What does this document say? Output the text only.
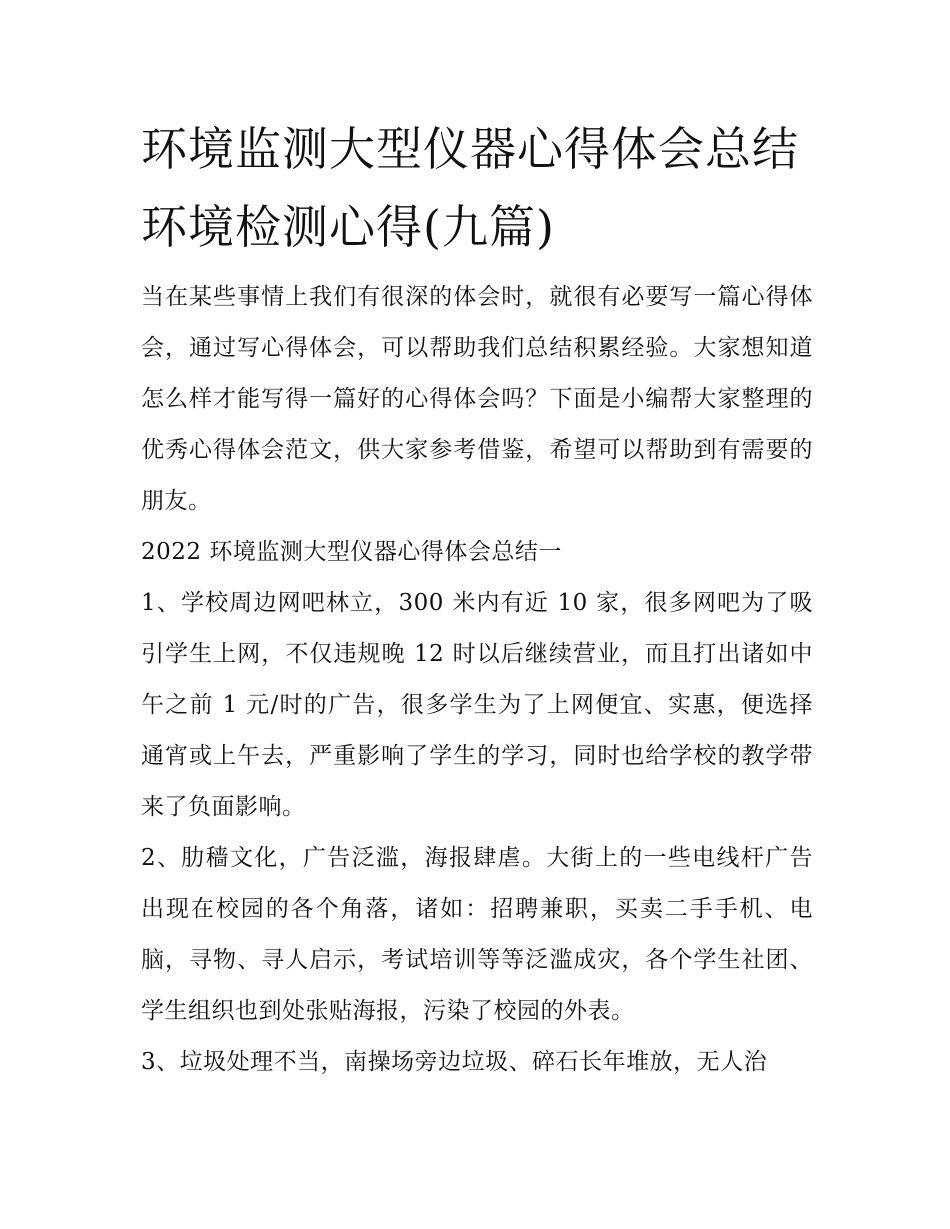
环境监测大型仪器心得体会总结 环境检测心得(九篇)

当在某些事情上我们有很深的体会时，就很有必要写一篇心得体会，通过写心得体会，可以帮助我们总结积累经验。大家想知道怎么样才能写得一篇好的心得体会吗？下面是小编帮大家整理的优秀心得体会范文，供大家参考借鉴，希望可以帮助到有需要的朋友。

2022 环境监测大型仪器心得体会总结一

1、学校周边网吧林立，300 米内有近 10 家，很多网吧为了吸引学生上网，不仅违规晚 12 时以后继续营业，而且打出诸如中午之前 1 元/时的广告，很多学生为了上网便宜、实惠，便选择通宵或上午去，严重影响了学生的学习，同时也给学校的教学带来了负面影响。

2、肋穑文化，广告泛滥，海报肆虐。大街上的一些电线杆广告出现在校园的各个角落，诸如：招聘兼职，买卖二手手机、电脑，寻物、寻人启示，考试培训等等泛滥成灾，各个学生社团、学生组织也到处张贴海报，污染了校园的外表。

3、垃圾处理不当，南操场旁边垃圾、碎石长年堆放，无人治
